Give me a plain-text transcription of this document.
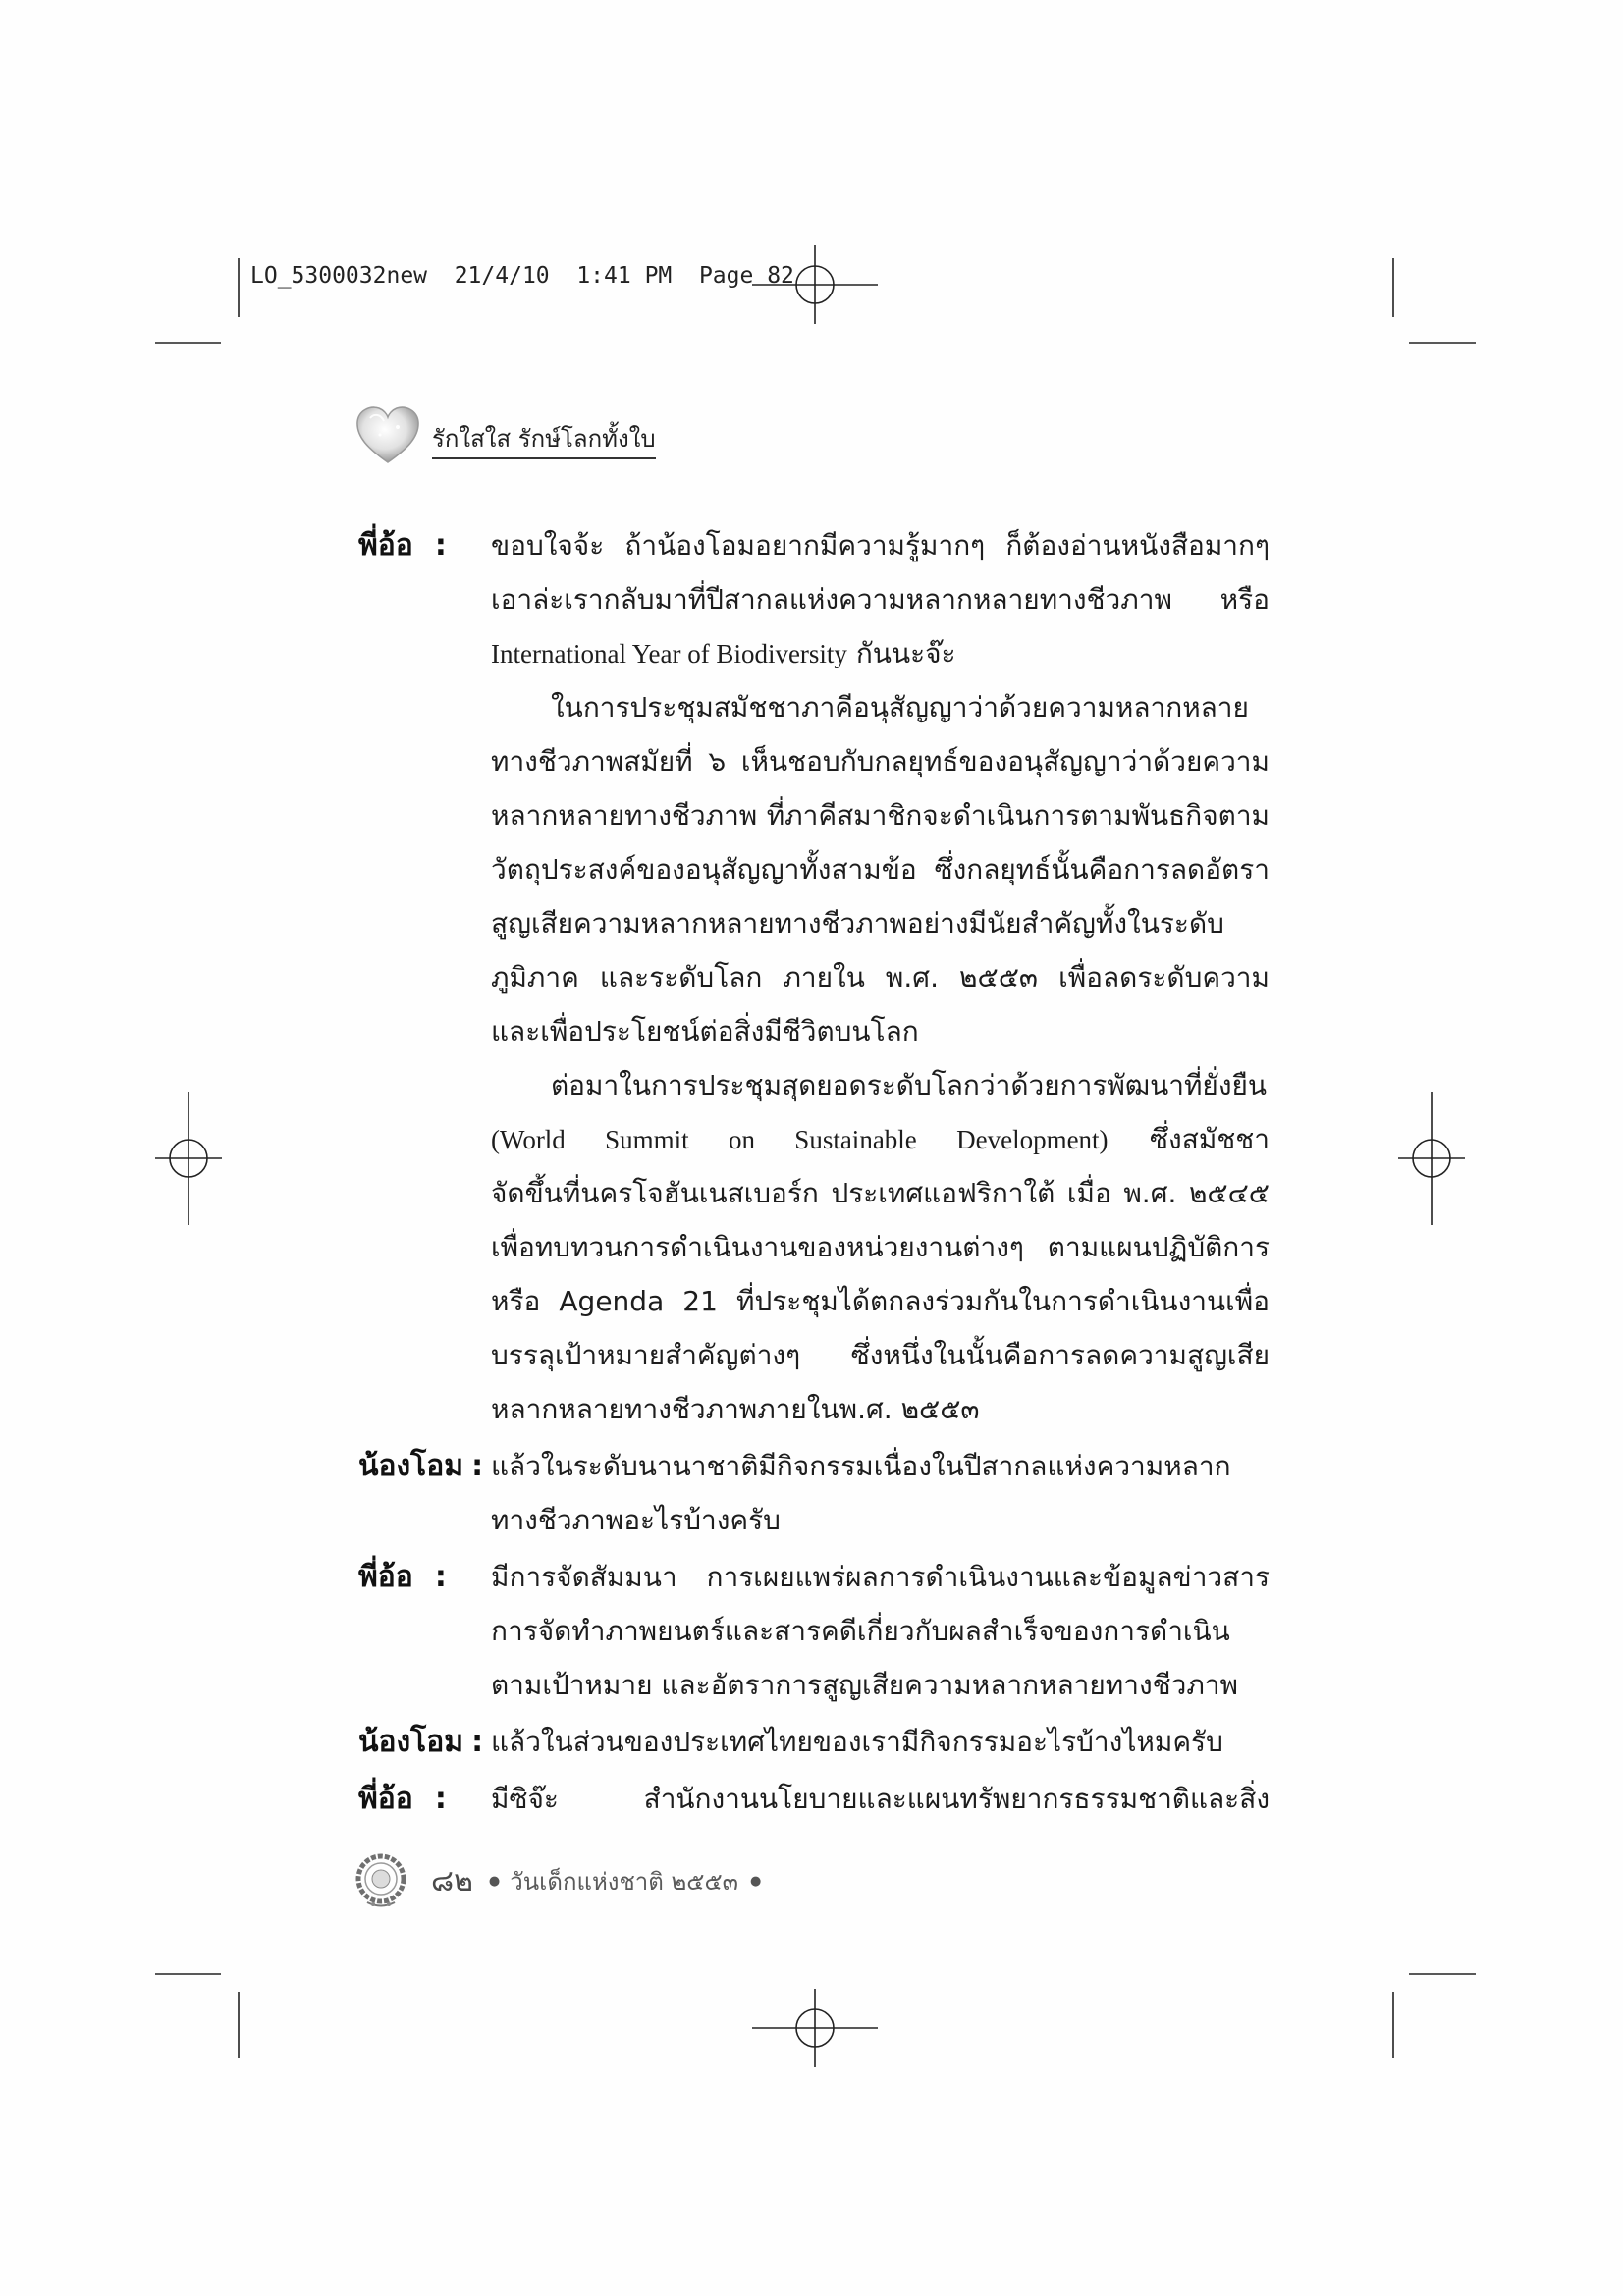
LO_5300032new  21/4/10  1:41 PM  Page 82
รักใสใส รักษ์โลกทั้งใบ
พี่อ้อ :	ขอบใจจ้ะ ถ้าน้องโอมอยากมีความรู้มากๆ ก็ต้องอ่านหนังสือมากๆ
เอาล่ะเรากลับมาที่ปีสากลแห่งความหลากหลายทางชีวภาพ หรือ
International Year of Biodiversity กันนะจ๊ะ
ในการประชุมสมัชชาภาคีอนุสัญญาว่าด้วยความหลากหลาย
ทางชีวภาพสมัยที่ ๖ เห็นชอบกับกลยุทธ์ของอนุสัญญาว่าด้วยความ
หลากหลายทางชีวภาพ ที่ภาคีสมาชิกจะดำเนินการตามพันธกิจตาม
วัตถุประสงค์ของอนุสัญญาทั้งสามข้อ ซึ่งกลยุทธ์นั้นคือการลดอัตรา
สูญเสียความหลากหลายทางชีวภาพอย่างมีนัยสำคัญทั้งในระดับ
ภูมิภาค และระดับโลก ภายใน พ.ศ. ๒๕๕๓ เพื่อลดระดับความ
และเพื่อประโยชน์ต่อสิ่งมีชีวิตบนโลก
ต่อมาในการประชุมสุดยอดระดับโลกว่าด้วยการพัฒนาที่ยั่งยืน
(World Summit on Sustainable Development) ซึ่งสมัชชา
จัดขึ้นที่นครโจฮันเนสเบอร์ก ประเทศแอฟริกาใต้ เมื่อ พ.ศ. ๒๕๔๕
เพื่อทบทวนการดำเนินงานของหน่วยงานต่างๆ ตามแผนปฏิบัติการ
หรือ Agenda 21 ที่ประชุมได้ตกลงร่วมกันในการดำเนินงานเพื่อ
บรรลุเป้าหมายสำคัญต่างๆ ซึ่งหนึ่งในนั้นคือการลดความสูญเสีย
หลากหลายทางชีวภาพภายในพ.ศ. ๒๕๕๓
น้องโอม : แล้วในระดับนานาชาติมีกิจกรรมเนื่องในปีสากลแห่งความหลาก
ทางชีวภาพอะไรบ้างครับ
พี่อ้อ :	มีการจัดสัมมนา การเผยแพร่ผลการดำเนินงานและข้อมูลข่าวสาร
การจัดทำภาพยนตร์และสารคดีเกี่ยวกับผลสำเร็จของการดำเนิน
ตามเป้าหมาย และอัตราการสูญเสียความหลากหลายทางชีวภาพ
น้องโอม : แล้วในส่วนของประเทศไทยของเรามีกิจกรรมอะไรบ้างไหมครับ
พี่อ้อ :	มีซิจ๊ะ สำนักงานนโยบายและแผนทรัพยากรธรรมชาติและสิ่ง
๘๒ ● วันเด็กแห่งชาติ ๒๕๕๓ ●
